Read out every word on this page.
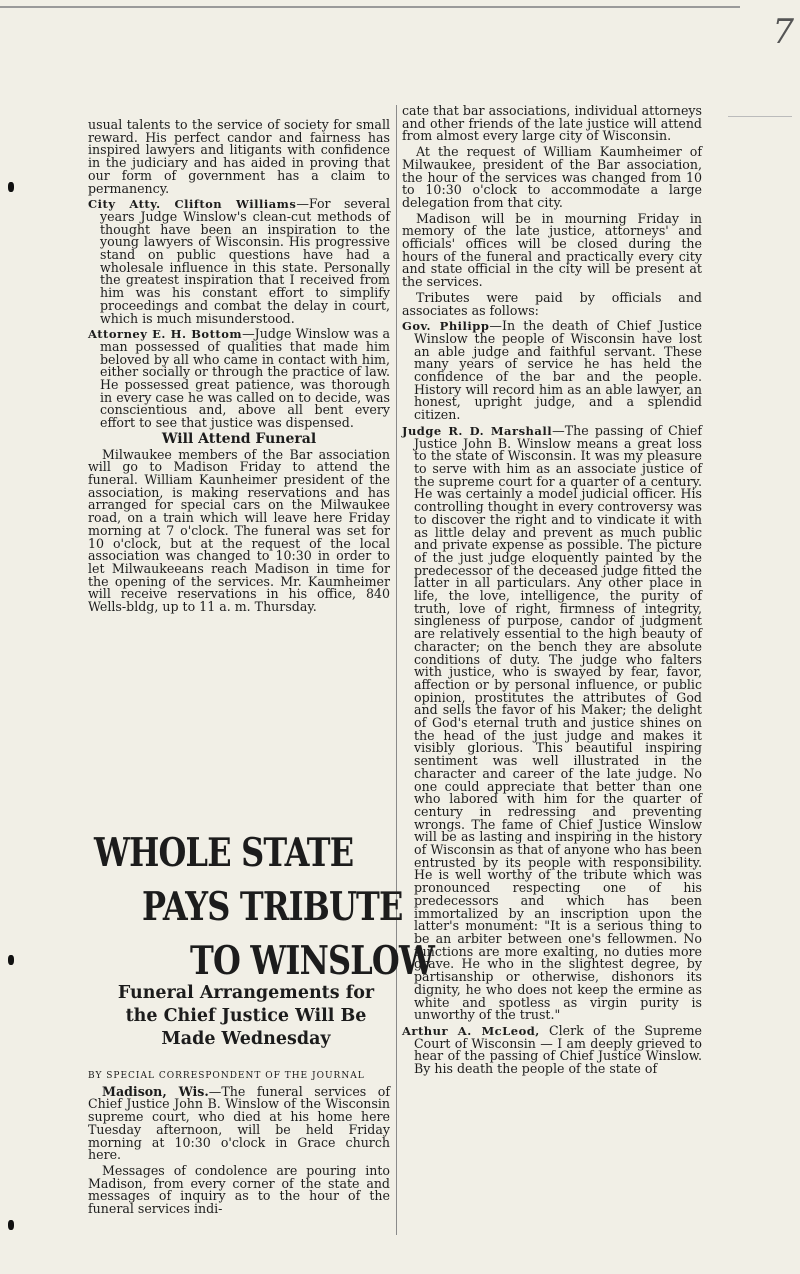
7

usual talents to the service of society for small reward. His perfect candor and fairness has inspired lawyers and litigants with confidence in the judiciary and has aided in proving that our form of government has a claim to permanency.

City Atty. Clifton Williams—For several years Judge Winslow's clean-cut methods of thought have been an inspiration to the young lawyers of Wisconsin. His progressive stand on public questions have had a wholesale influence in this state. Personally the greatest inspiration that I received from him was his constant effort to simplify proceedings and combat the delay in court, which is much misunderstood.

Attorney E. H. Bottom—Judge Winslow was a man possessed of qualities that made him beloved by all who came in contact with him, either socially or through the practice of law. He possessed great patience, was thorough in every case he was called on to decide, was conscientious and, above all bent every effort to see that justice was dispensed.

Will Attend Funeral

Milwaukee members of the Bar association will go to Madison Friday to attend the funeral. William Kaunheimer president of the association, is making reservations and has arranged for special cars on the Milwaukee road, on a train which will leave here Friday morning at 7 o'clock. The funeral was set for 10 o'clock, but at the request of the local association was changed to 10:30 in order to let Milwaukeeans reach Madison in time for the opening of the services. Mr. Kaumheimer will receive reservations in his office, 840 Wells-bldg, up to 11 a. m. Thursday.

WHOLE STATE
PAYS TRIBUTE
TO WINSLOW
Funeral Arrangements for the Chief Justice Will Be Made Wednesday

BY SPECIAL CORRESPONDENT OF THE JOURNAL

Madison, Wis.—The funeral services of Chief Justice John B. Winslow of the Wisconsin supreme court, who died at his home here Tuesday afternoon, will be held Friday morning at 10:30 o'clock in Grace church here.

Messages of condolence are pouring into Madison, from every corner of the state and messages of inquiry as to the hour of the funeral services indi-

cate that bar associations, individual attorneys and other friends of the late justice will attend from almost every large city of Wisconsin.

At the request of William Kaumheimer of Milwaukee, president of the Bar association, the hour of the services was changed from 10 to 10:30 o'clock to accommodate a large delegation from that city.

Madison will be in mourning Friday in memory of the late justice, attorneys' and officials' offices will be closed during the hours of the funeral and practically every city and state official in the city will be present at the services.

Tributes were paid by officials and associates as follows:

Gov. Philipp—In the death of Chief Justice Winslow the people of Wisconsin have lost an able judge and faithful servant. These many years of service he has held the confidence of the bar and the people. History will record him as an able lawyer, an honest, upright judge, and a splendid citizen.

Judge R. D. Marshall—The passing of Chief Justice John B. Winslow means a great loss to the state of Wisconsin. It was my pleasure to serve with him as an associate justice of the supreme court for a quarter of a century. He was certainly a model judicial officer. His controlling thought in every controversy was to discover the right and to vindicate it with as little delay and prevent as much public and private expense as possible. The picture of the just judge eloquently painted by the predecessor of the deceased judge fitted the latter in all particulars. Any other place in life, the love, intelligence, the purity of truth, love of right, firmness of integrity, singleness of purpose, candor of judgment are relatively essential to the high beauty of character; on the bench they are absolute conditions of duty. The judge who falters with justice, who is swayed by fear, favor, affection or by personal influence, or public opinion, prostitutes the attributes of God and sells the favor of his Maker; the delight of God's eternal truth and justice shines on the head of the just judge and makes it visibly glorious. This beautiful inspiring sentiment was well illustrated in the character and career of the late judge. No one could appreciate that better than one who labored with him for the quarter of century in redressing and preventing wrongs. The fame of Chief Justice Winslow will be as lasting and inspiring in the history of Wisconsin as that of anyone who has been entrusted by its people with responsibility. He is well worthy of the tribute which was pronounced respecting one of his predecessors and which has been immortalized by an inscription upon the latter's monument: "It is a serious thing to be an arbiter between one's fellowmen. No functions are more exalting, no duties more grave. He who in the slightest degree, by partisanship or otherwise, dishonors its dignity, he who does not keep the ermine as white and spotless as virgin purity is unworthy of the trust."

Arthur A. McLeod, Clerk of the Supreme Court of Wisconsin — I am deeply grieved to hear of the passing of Chief Justice Winslow. By his death the people of the state of
